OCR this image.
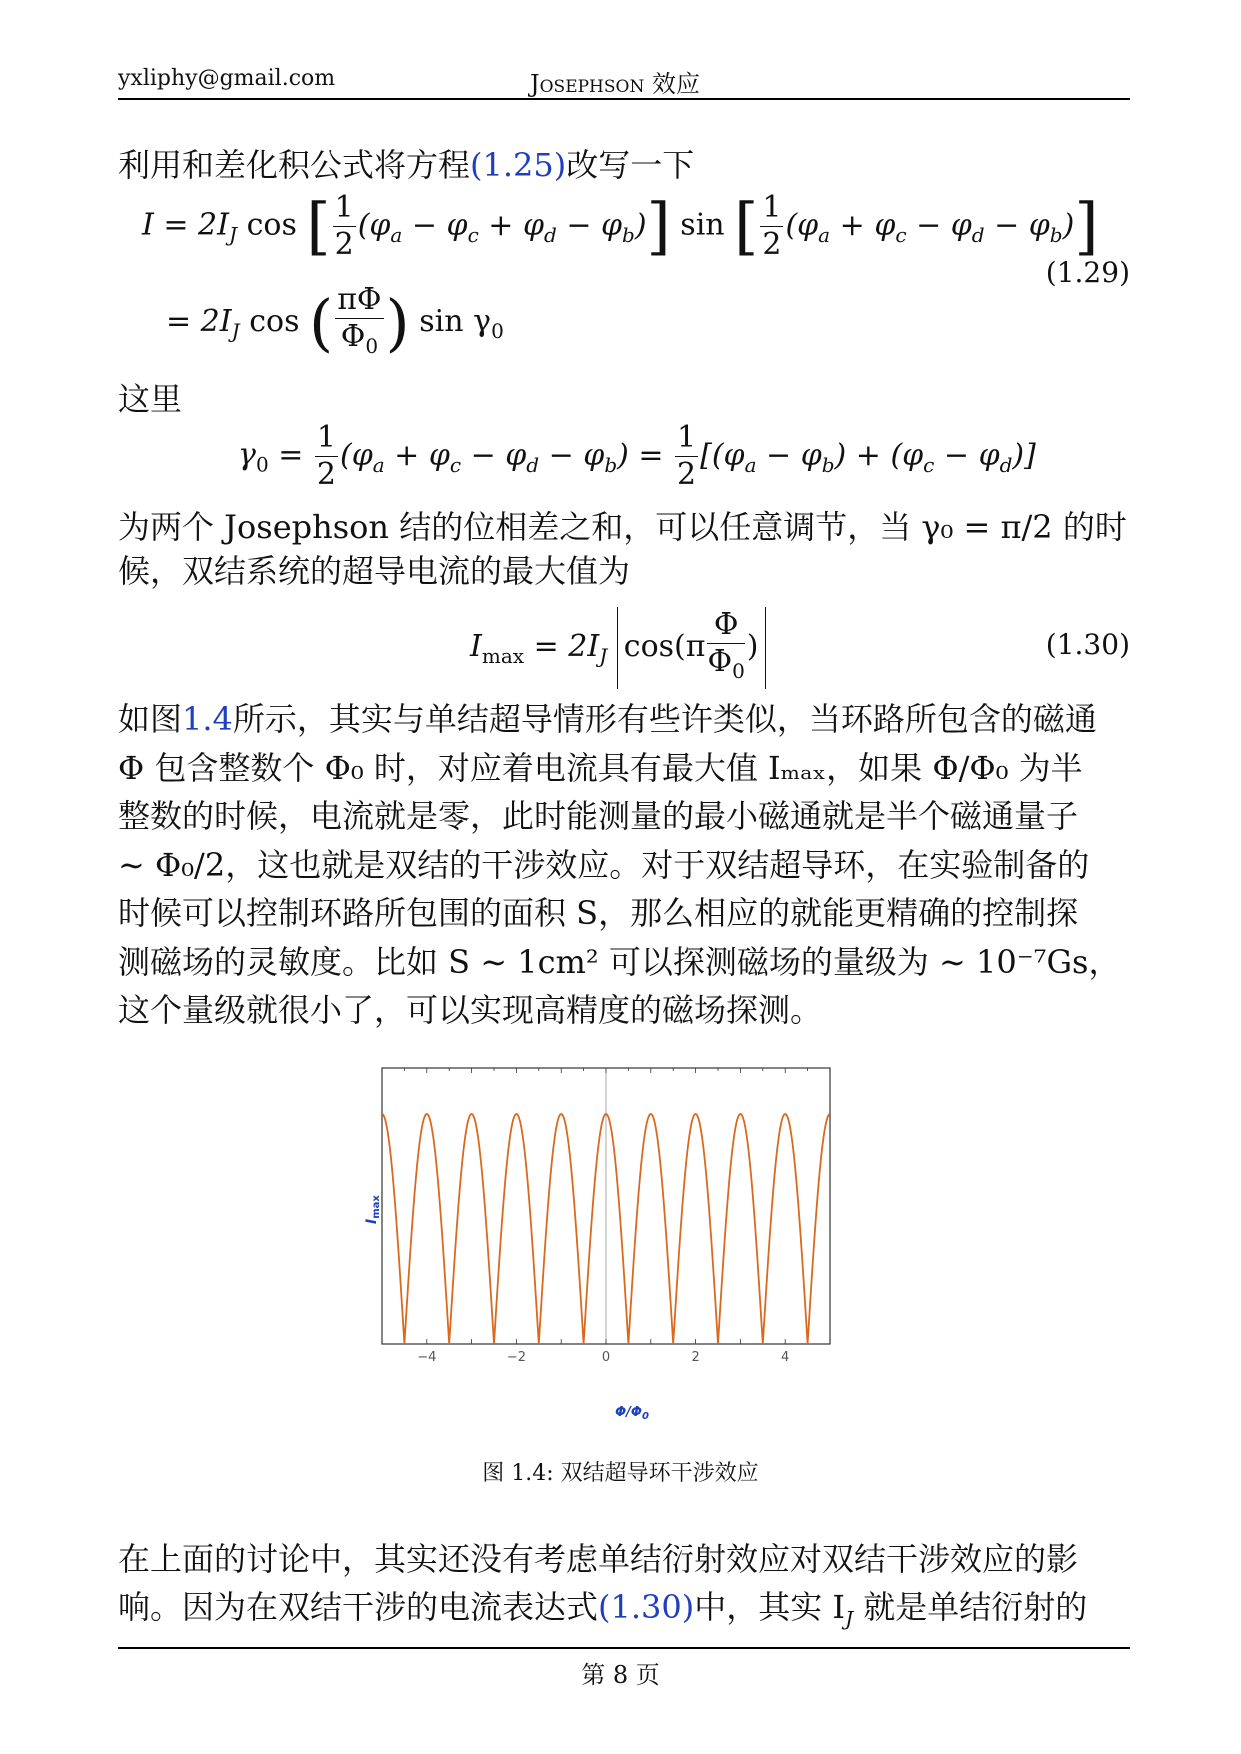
yxliphy@gmail.com	Josephson 效应
利用和差化积公式将方程(1.25)改写一下
$I = 2I_J$ cos [ $\frac{1}{2} (\varphi_a - \varphi_c + \varphi_d - \varphi_b)$] sin [ $\frac{1}{2} (\varphi_a + \varphi_c - \varphi_d - \varphi_b)$]
= $2I_J$ cos ( $\frac{\pi\Phi}{\Phi_0}$ ) $\sin \gamma_0$
(1.29)
这里
$\gamma_0 = \frac{1}{2} (\varphi_a + \varphi_c - \varphi_d - \varphi_b) = \frac{1}{2} [(\varphi_a - \varphi_b) + (\varphi_c - \varphi_d)]$
为两个 Josephson 结的位相差之和，可以任意调节，当 γ₀ = π/2 的时
候，双结系统的超导电流的最大值为
$I_{max} = 2I_J$ $\cos(\pi \frac{\Phi}{\Phi_0}$ )	(1.30)
如图1.4所示，其实与单结超导情形有些许类似，当环路所包含的磁通
Φ 包含整数个 Φ₀ 时，对应着电流具有最大值 Iₘₐₓ，如果 Φ/Φ₀ 为半
整数的时候，电流就是零，此时能测量的最小磁通就是半个磁通量子
∼ Φ₀/2，这也就是双结的干涉效应。对于双结超导环，在实验制备的
时候可以控制环路所包围的面积 S，那么相应的就能更精确的控制探
测磁场的灵敏度。比如 S ∼ 1cm² 可以探测磁场的量级为 ∼ 10⁻⁷Gs，
这个量级就很小了，可以实现高精度的磁场探测。
−4	−2	0	2	4
$I_{max}$
$\Phi/\Phi_0$
图 1.4: 双结超导环干涉效应
在上面的讨论中，其实还没有考虑单结衍射效应对双结干涉效应的影
响。因为在双结干涉的电流表达式(1.30)中，其实 $I_J$ 就是单结衍射的
第 8 页
